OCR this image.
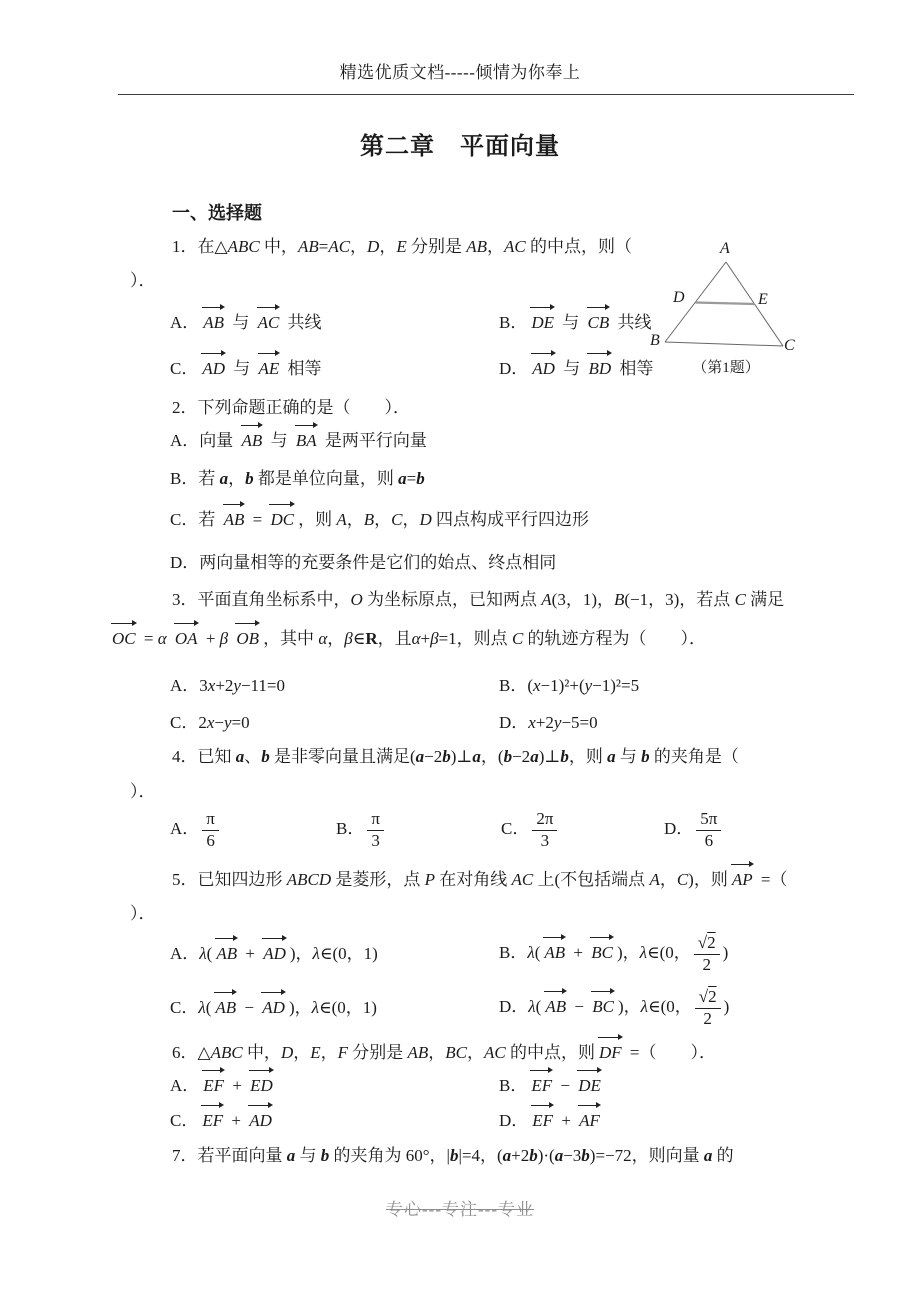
精选优质文档-----倾情为你奉上
第二章　平面向量
一、选择题
1．在△ABC 中，AB=AC，D，E 分别是 AB，AC 的中点，则（
）．
A． AB 与 AC 共线	B． DE 与 CB 共线
C． AD 与 AE 相等	D． AD 与 BD 相等
A
B	C
D	E
（第1题）
2．下列命题正确的是（　　）．
A．向量 AB 与 BA 是两平行向量
B．若 a，b 都是单位向量，则 a=b
C．若 AB = DC ，则 A，B，C，D 四点构成平行四边形
D．两向量相等的充要条件是它们的始点、终点相同
3．平面直角坐标系中，O 为坐标原点，已知两点 A(3，1)，B(−1，3)，若点 C 满足
OC = α OA + β OB ，其中 α，β∈R，且α+β=1，则点 C 的轨迹方程为（　　）．
A．3x+2y−11=0	B．(x−1)²+(y−1)²=5
C．2x−y=0	D．x+2y−5=0
4．已知 a、b 是非零向量且满足(a−2b)⊥a，(b−2a)⊥b，则 a 与 b 的夹角是（
）．
A． $\frac{\pi}{6}$	B． $\frac{\pi}{3}$	C． $\frac{2\pi}{3}$	D． $\frac{5\pi}{6}$
5．已知四边形 ABCD 是菱形，点 P 在对角线 AC 上(不包括端点 A，C)，则 AP =（
）．
A．λ( AB + AD )，λ∈(0，1)	B．λ( AB + BC )，λ∈(0， $\frac{√2}{2}$ )
C．λ( AB − AD )，λ∈(0，1)	D．λ( AB − BC )，λ∈(0， $\frac{√2}{2}$ )
6．△ABC 中，D，E，F 分别是 AB，BC，AC 的中点，则 DF =（　　）．
A． EF + ED	B． EF − DE
C． EF + AD	D． EF + AF
7．若平面向量 a 与 b 的夹角为 60°，|b|=4，(a+2b)·(a−3b)=−72，则向量 a 的
专心---专注---专业
